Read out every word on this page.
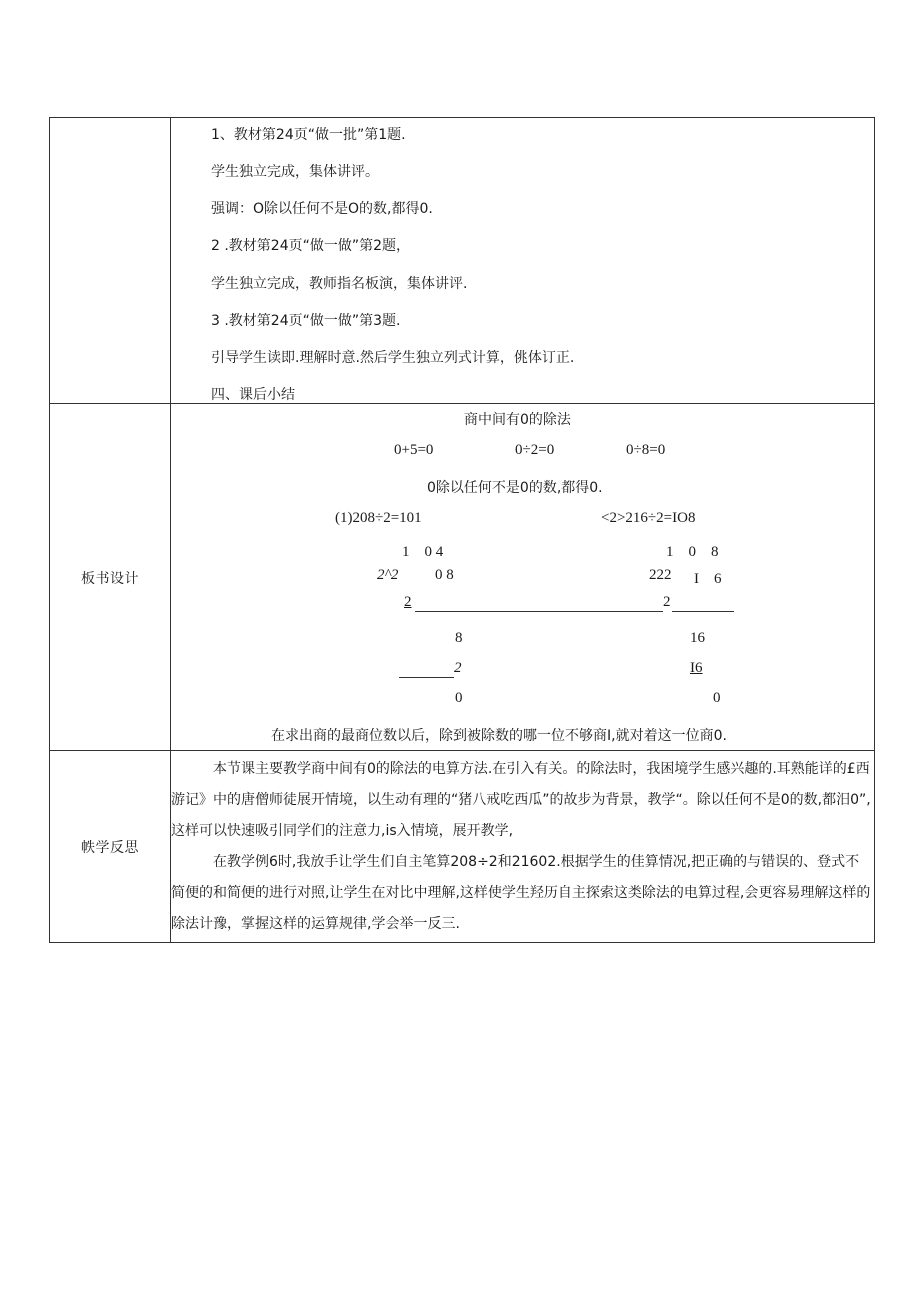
1、教材第24页“做一批”第1题.
学生独立完成，集体讲评。
强调：O除以任何不是O的数,都得0.
2 .教材第24页“做一做”第2题，
学生独立完成，教师指名板演，集体讲评.
3 .教材第24页“做一做”第3题.
引导学生读即.理解时意.然后学生独立列式计算，佻体订正.
四、课后小结
板书设计
商中间有0的除法
0+5=0	0÷2=0	0÷8=0
0除以任何不是0的数,都得0.
(1)208÷2=101
1　0 4
2^2 0 8
2
8
2
0
<2>216÷2=IO8
1　0　8
222 I　6
2
16
I6
0
在求出商的最商位数以后，除到被除数的哪一位不够商I,就对着这一位商0.
帙学反思
本节课主要教学商中间有0的除法的电算方法.在引入有关。的除法时，我困境学生感兴趣的.耳熟能详的£西游记》中的唐僧师徒展开情境，以生动有理的“猪八戒吃西瓜”的故步为背景，教学“。除以任何不是0的数,都汨0”,这样可以快速吸引同学们的注意力,is入情境，展开教学,
在教学例6时,我放手让学生们自主笔算208÷2和21602.根据学生的佳算情况,把正确的与错误的、登式不简便的和简便的进行对照,让学生在对比中理解,这样使学生羟历自主探索这类除法的电算过程,会更容易理解这样的除法计豫，掌握这样的运算规律,学会举一反三.
